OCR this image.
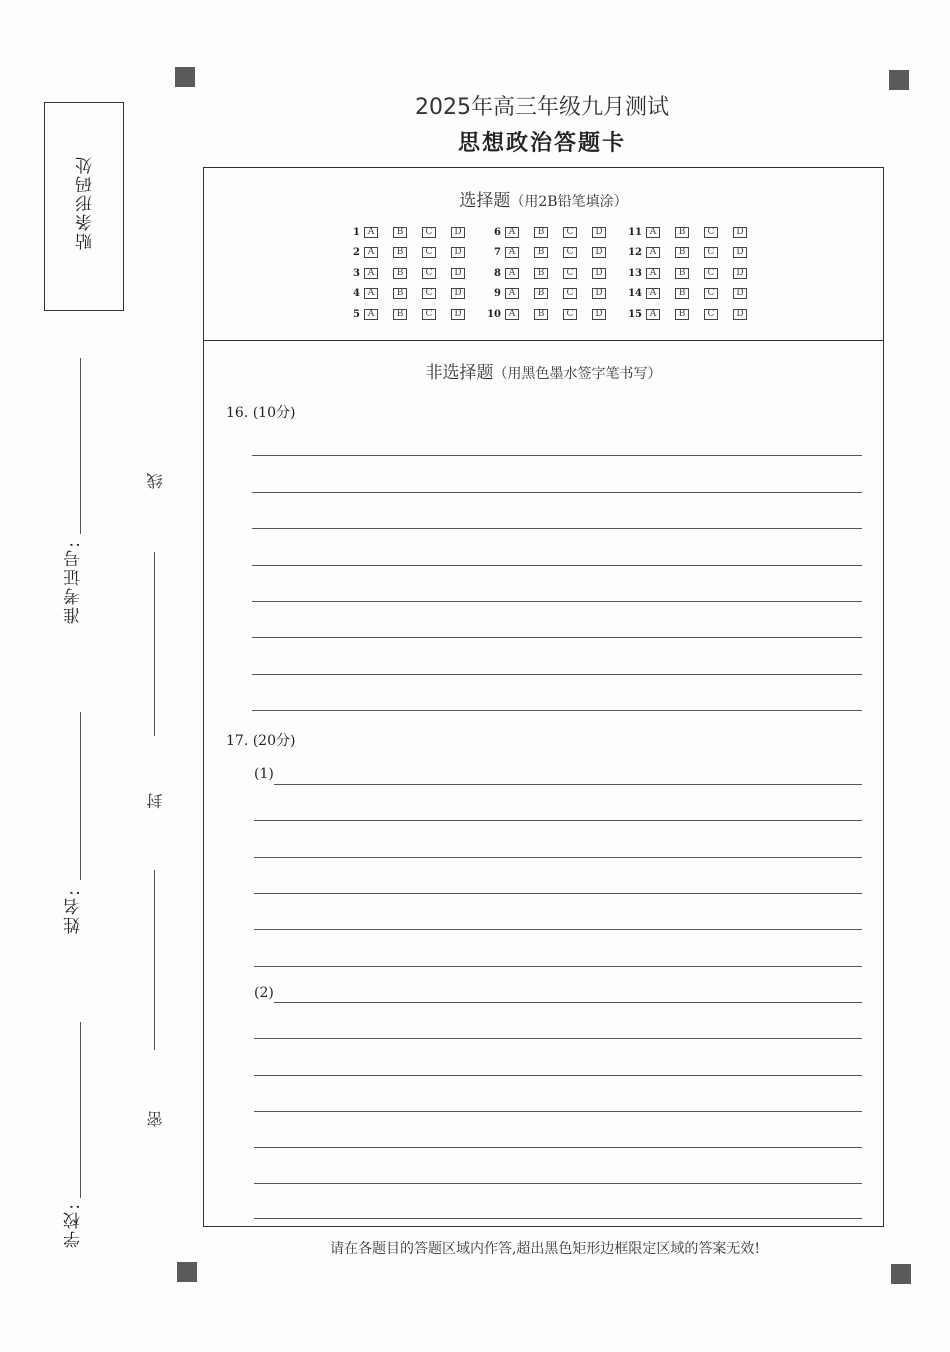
贴条形码处
准考证号:
姓名:
学校:
线
封
密
2025年高三年级九月测试
思想政治答题卡
选择题（用2B铅笔填涂）
1 A	B	C	D	6 A	B	C	D	11 A	B	C	D
2 A	B	C	D	7 A	B	C	D	12 A	B	C	D
3 A	B	C	D	8 A	B	C	D	13 A	B	C	D
4 A	B	C	D	9 A	B	C	D	14 A	B	C	D
5 A	B	C	D	10 A	B	C	D	15 A	B	C	D
非选择题（用黑色墨水签字笔书写）
16. (10分)
17. (20分)
(1)
(2)
请在各题目的答题区域内作答,超出黑色矩形边框限定区域的答案无效!
